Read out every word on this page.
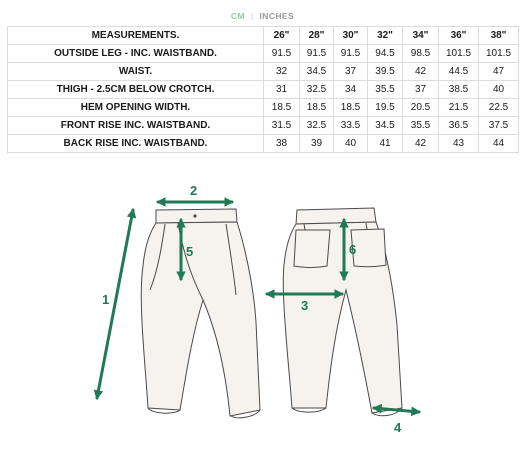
CM | INCHES
MEASUREMENTS.	26"	28"	30"	32"	34"	36"	38"
OUTSIDE LEG - INC. WAISTBAND.	91.5	91.5	91.5	94.5	98.5	101.5	101.5
WAIST.	32	34.5	37	39.5	42	44.5	47
THIGH - 2.5CM BELOW CROTCH.	31	32.5	34	35.5	37	38.5	40
HEM OPENING WIDTH.	18.5	18.5	18.5	19.5	20.5	21.5	22.5
FRONT RISE INC. WAISTBAND.	31.5	32.5	33.5	34.5	35.5	36.5	37.5
BACK RISE INC. WAISTBAND.	38	39	40	41	42	43	44
1
2
3
4
5	6
